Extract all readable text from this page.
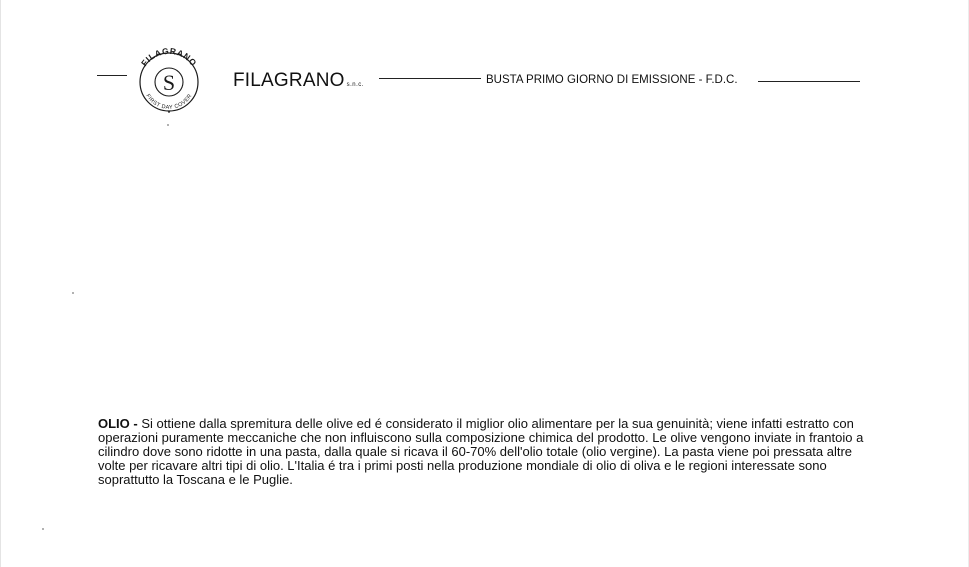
FILAGRANO
S
FIRST DAY COVER
FILAGRANO s.n.c.	BUSTA PRIMO GIORNO DI EMISSIONE - F.D.C.
OLIO - Si ottiene dalla spremitura delle olive ed é considerato il miglior olio alimentare per la sua genuinità; viene infatti estratto con operazioni puramente meccaniche che non influiscono sulla composizione chimica del prodotto. Le olive vengono inviate in frantoio a cilindro dove sono ridotte in una pasta, dalla quale si ricava il 60-70% dell'olio totale (olio vergine). La pasta viene poi pressata altre volte per ricavare altri tipi di olio. L'Italia é tra i primi posti nella produzione mondiale di olio di oliva e le regioni interessate sono soprattutto la Toscana e le Puglie.
